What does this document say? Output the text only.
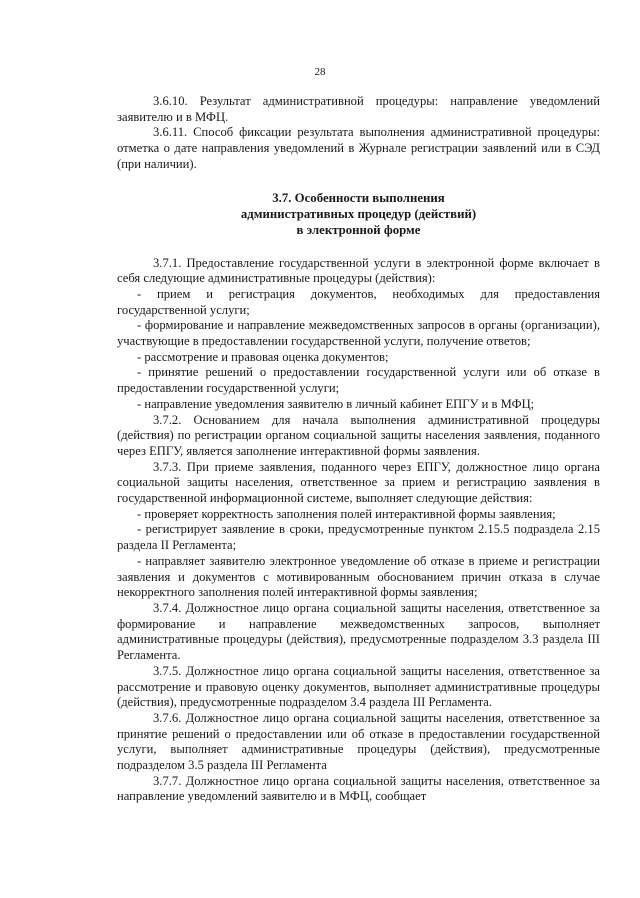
28

3.6.10. Результат административной процедуры: направление уведомлений заявителю и в МФЦ.

3.6.11. Способ фиксации результата выполнения административной процедуры: отметка о дате направления уведомлений в Журнале регистрации заявлений или в СЭД (при наличии).

3.7. Особенности выполнения
административных процедур (действий)
в электронной форме

3.7.1. Предоставление государственной услуги в электронной форме включает в себя следующие административные процедуры (действия):

- прием и регистрация документов, необходимых для предоставления государственной услуги;

- формирование и направление межведомственных запросов в органы (организации), участвующие в предоставлении государственной услуги, получение ответов;

- рассмотрение и правовая оценка документов;

- принятие решений о предоставлении государственной услуги или об отказе в предоставлении государственной услуги;

- направление уведомления заявителю в личный кабинет ЕПГУ и в МФЦ;

3.7.2. Основанием для начала выполнения административной процедуры (действия) по регистрации органом социальной защиты населения заявления, поданного через ЕПГУ, является заполнение интерактивной формы заявления.

3.7.3. При приеме заявления, поданного через ЕПГУ, должностное лицо органа социальной защиты населения, ответственное за прием и регистрацию заявления в государственной информационной системе, выполняет следующие действия:

- проверяет корректность заполнения полей интерактивной формы заявления;

- регистрирует заявление в сроки, предусмотренные пунктом 2.15.5 подраздела 2.15 раздела II Регламента;

- направляет заявителю электронное уведомление об отказе в приеме и регистрации заявления и документов с мотивированным обоснованием причин отказа в случае некорректного заполнения полей интерактивной формы заявления;

3.7.4. Должностное лицо органа социальной защиты населения, ответственное за формирование и направление межведомственных запросов, выполняет административные процедуры (действия), предусмотренные подразделом 3.3 раздела III Регламента.

3.7.5. Должностное лицо органа социальной защиты населения, ответственное за рассмотрение и правовую оценку документов, выполняет административные процедуры (действия), предусмотренные подразделом 3.4 раздела III Регламента.

3.7.6. Должностное лицо органа социальной защиты населения, ответственное за принятие решений о предоставлении или об отказе в предоставлении государственной услуги, выполняет административные процедуры (действия), предусмотренные подразделом 3.5 раздела III Регламента

3.7.7. Должностное лицо органа социальной защиты населения, ответственное за направление уведомлений заявителю и в МФЦ, сообщает
